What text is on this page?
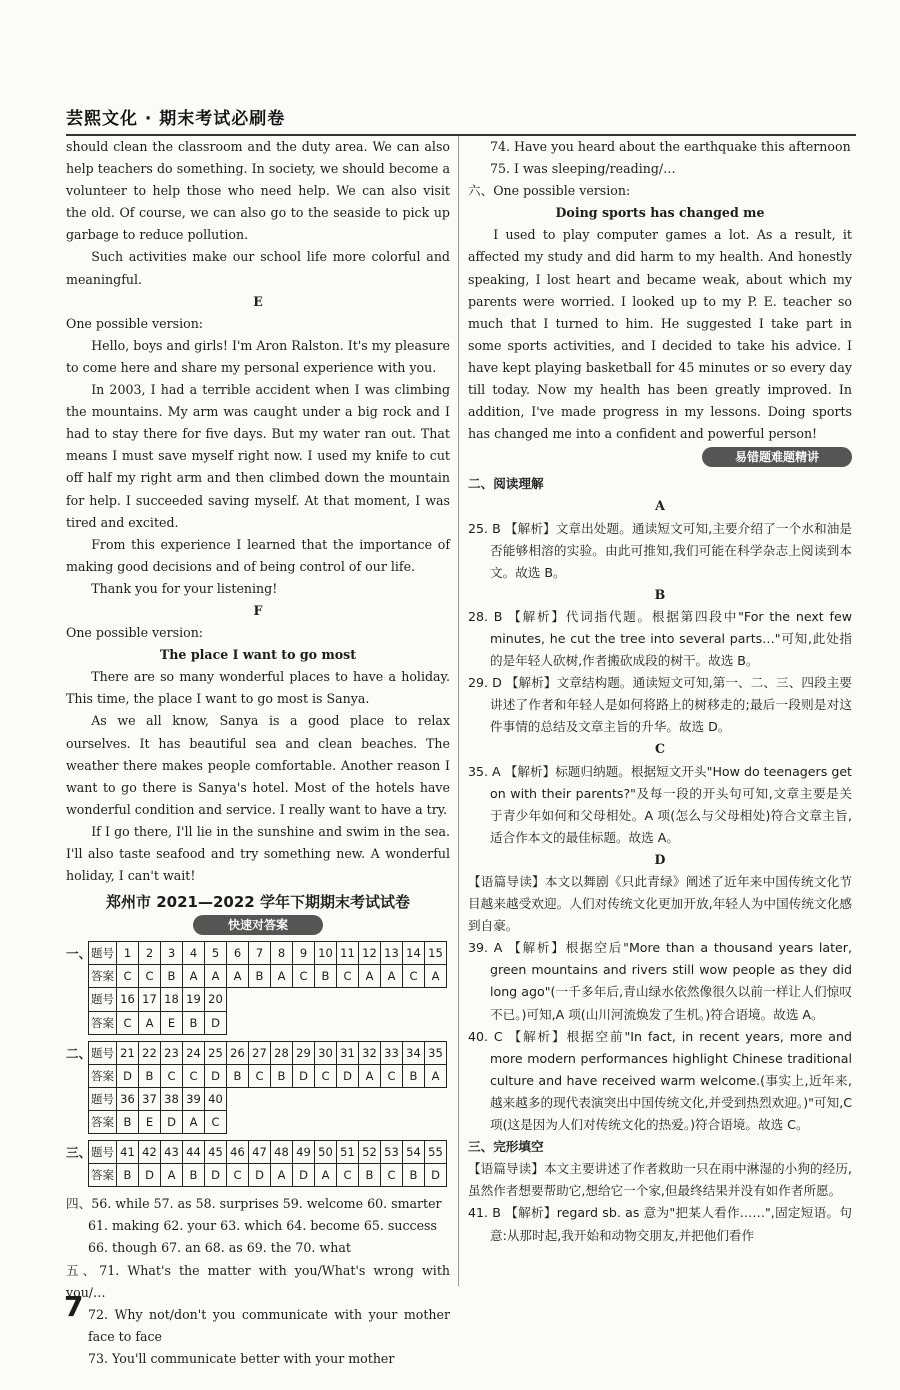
芸熙文化 · 期末考试必刷卷
should clean the classroom and the duty area. We can also help teachers do something. In society, we should become a volunteer to help those who need help. We can also visit the old. Of course, we can also go to the seaside to pick up garbage to reduce pollution.
Such activities make our school life more colorful and meaningful.
E
One possible version:
Hello, boys and girls! I'm Aron Ralston. It's my pleasure to come here and share my personal experience with you.
In 2003, I had a terrible accident when I was climbing the mountains. My arm was caught under a big rock and I had to stay there for five days. But my water ran out. That means I must save myself right now. I used my knife to cut off half my right arm and then climbed down the mountain for help. I succeeded saving myself. At that moment, I was tired and excited.
From this experience I learned that the importance of making good decisions and of being control of our life.
Thank you for your listening!
F
One possible version:
The place I want to go most
There are so many wonderful places to have a holiday. This time, the place I want to go most is Sanya.
As we all know, Sanya is a good place to relax ourselves. It has beautiful sea and clean beaches. The weather there makes people comfortable. Another reason I want to go there is Sanya's hotel. Most of the hotels have wonderful condition and service. I really want to have a try.
If I go there, I'll lie in the sunshine and swim in the sea. I'll also taste seafood and try something new. A wonderful holiday, I can't wait!
郑州市 2021—2022 学年下期期末考试试卷
快速对答案
一、 题号	1	2	3	4	5	6	7	8	9	10	11	12	13	14	15
答案	C	C	B	A	A	A	B	A	C	B	C	A	A	C	A
题号	16	17	18	19	20										
答案	C	A	E	B	D										
二、 题号	21	22	23	24	25	26	27	28	29	30	31	32	33	34	35
答案	D	B	C	C	D	B	C	B	D	C	D	A	C	B	A
题号	36	37	38	39	40										
答案	B	E	D	A	C										
三、 题号	41	42	43	44	45	46	47	48	49	50	51	52	53	54	55
答案	B	D	A	B	D	C	D	A	D	A	C	B	C	B	D
四、56. while 57. as 58. surprises 59. welcome 60. smarter
61. making 62. your 63. which 64. become 65. success
66. though 67. an 68. as 69. the 70. what
五、71. What's the matter with you/What's wrong with you/…
72. Why not/don't you communicate with your mother face to face
73. You'll communicate better with your mother
74. Have you heard about the earthquake this afternoon
75. I was sleeping/reading/…
六、One possible version:
Doing sports has changed me
I used to play computer games a lot. As a result, it affected my study and did harm to my health. And honestly speaking, I lost heart and became weak, about which my parents were worried. I looked up to my P. E. teacher so much that I turned to him. He suggested I take part in some sports activities, and I decided to take his advice. I have kept playing basketball for 45 minutes or so every day till today. Now my health has been greatly improved. In addition, I've made progress in my lessons. Doing sports has changed me into a confident and powerful person!
易错题难题精讲
二、阅读理解
A
25. B 【解析】文章出处题。通读短文可知,主要介绍了一个水和油是否能够相溶的实验。由此可推知,我们可能在科学杂志上阅读到本文。故选 B。
B
28. B 【解析】代词指代题。根据第四段中"For the next few minutes, he cut the tree into several parts…"可知,此处指的是年轻人砍树,作者搬砍成段的树干。故选 B。
29. D 【解析】文章结构题。通读短文可知,第一、二、三、四段主要讲述了作者和年轻人是如何将路上的树移走的;最后一段则是对这件事情的总结及文章主旨的升华。故选 D。
C
35. A 【解析】标题归纳题。根据短文开头"How do teenagers get on with their parents?"及每一段的开头句可知,文章主要是关于青少年如何和父母相处。A 项(怎么与父母相处)符合文章主旨,适合作本文的最佳标题。故选 A。
D
【语篇导读】本文以舞剧《只此青绿》阐述了近年来中国传统文化节目越来越受欢迎。人们对传统文化更加开放,年轻人为中国传统文化感到自豪。
39. A 【解析】根据空后"More than a thousand years later, green mountains and rivers still wow people as they did long ago"(一千多年后,青山绿水依然像很久以前一样让人们惊叹不已。)可知,A 项(山川河流焕发了生机。)符合语境。故选 A。
40. C 【解析】根据空前"In fact, in recent years, more and more modern performances highlight Chinese traditional culture and have received warm welcome.(事实上,近年来,越来越多的现代表演突出中国传统文化,并受到热烈欢迎。)"可知,C 项(这是因为人们对传统文化的热爱。)符合语境。故选 C。
三、完形填空
【语篇导读】本文主要讲述了作者救助一只在雨中淋湿的小狗的经历,虽然作者想要帮助它,想给它一个家,但最终结果并没有如作者所愿。
41. B 【解析】regard sb. as 意为"把某人看作……",固定短语。句意:从那时起,我开始和动物交朋友,并把他们看作
7
